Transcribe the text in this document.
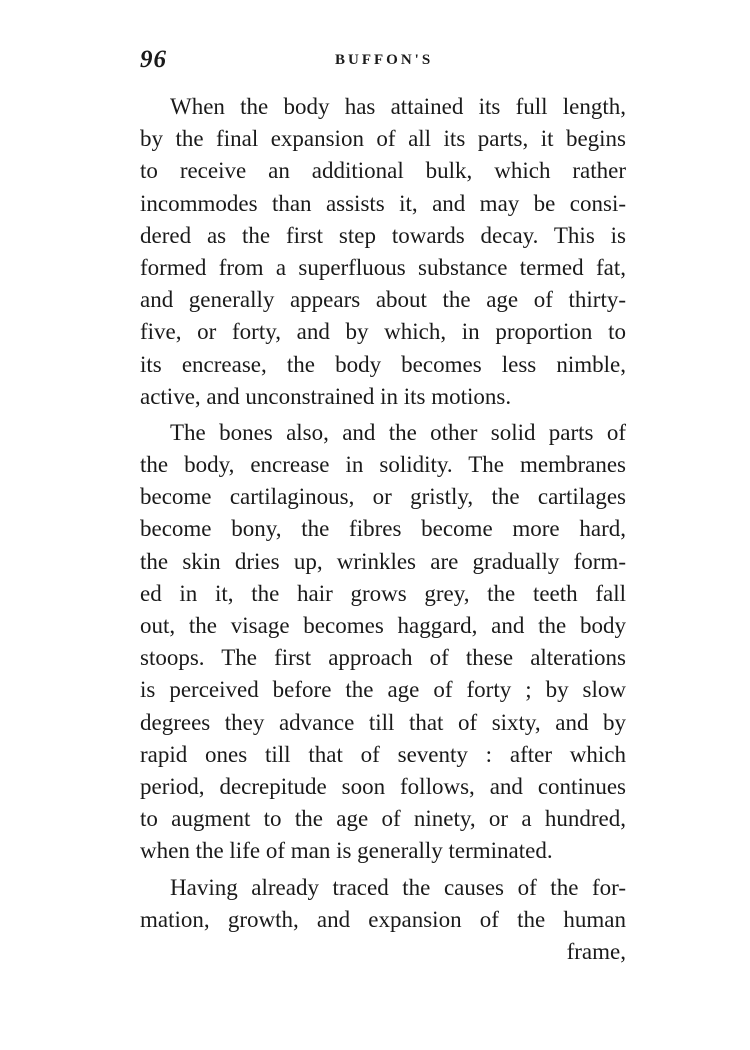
96	BUFFON'S
When the body has attained its full length,
by the final expansion of all its parts, it begins
to receive an additional bulk, which rather
incommodes than assists it, and may be consi-
dered as the first step towards decay. This is
formed from a superfluous substance termed fat,
and generally appears about the age of thirty-
five, or forty, and by which, in proportion to
its encrease, the body becomes less nimble,
active, and unconstrained in its motions.
The bones also, and the other solid parts of
the body, encrease in solidity. The membranes
become cartilaginous, or gristly, the cartilages
become bony, the fibres become more hard,
the skin dries up, wrinkles are gradually form-
ed in it, the hair grows grey, the teeth fall
out, the visage becomes haggard, and the body
stoops. The first approach of these alterations
is perceived before the age of forty ; by slow
degrees they advance till that of sixty, and by
rapid ones till that of seventy : after which
period, decrepitude soon follows, and continues
to augment to the age of ninety, or a hundred,
when the life of man is generally terminated.
Having already traced the causes of the for-
mation, growth, and expansion of the human
frame,
